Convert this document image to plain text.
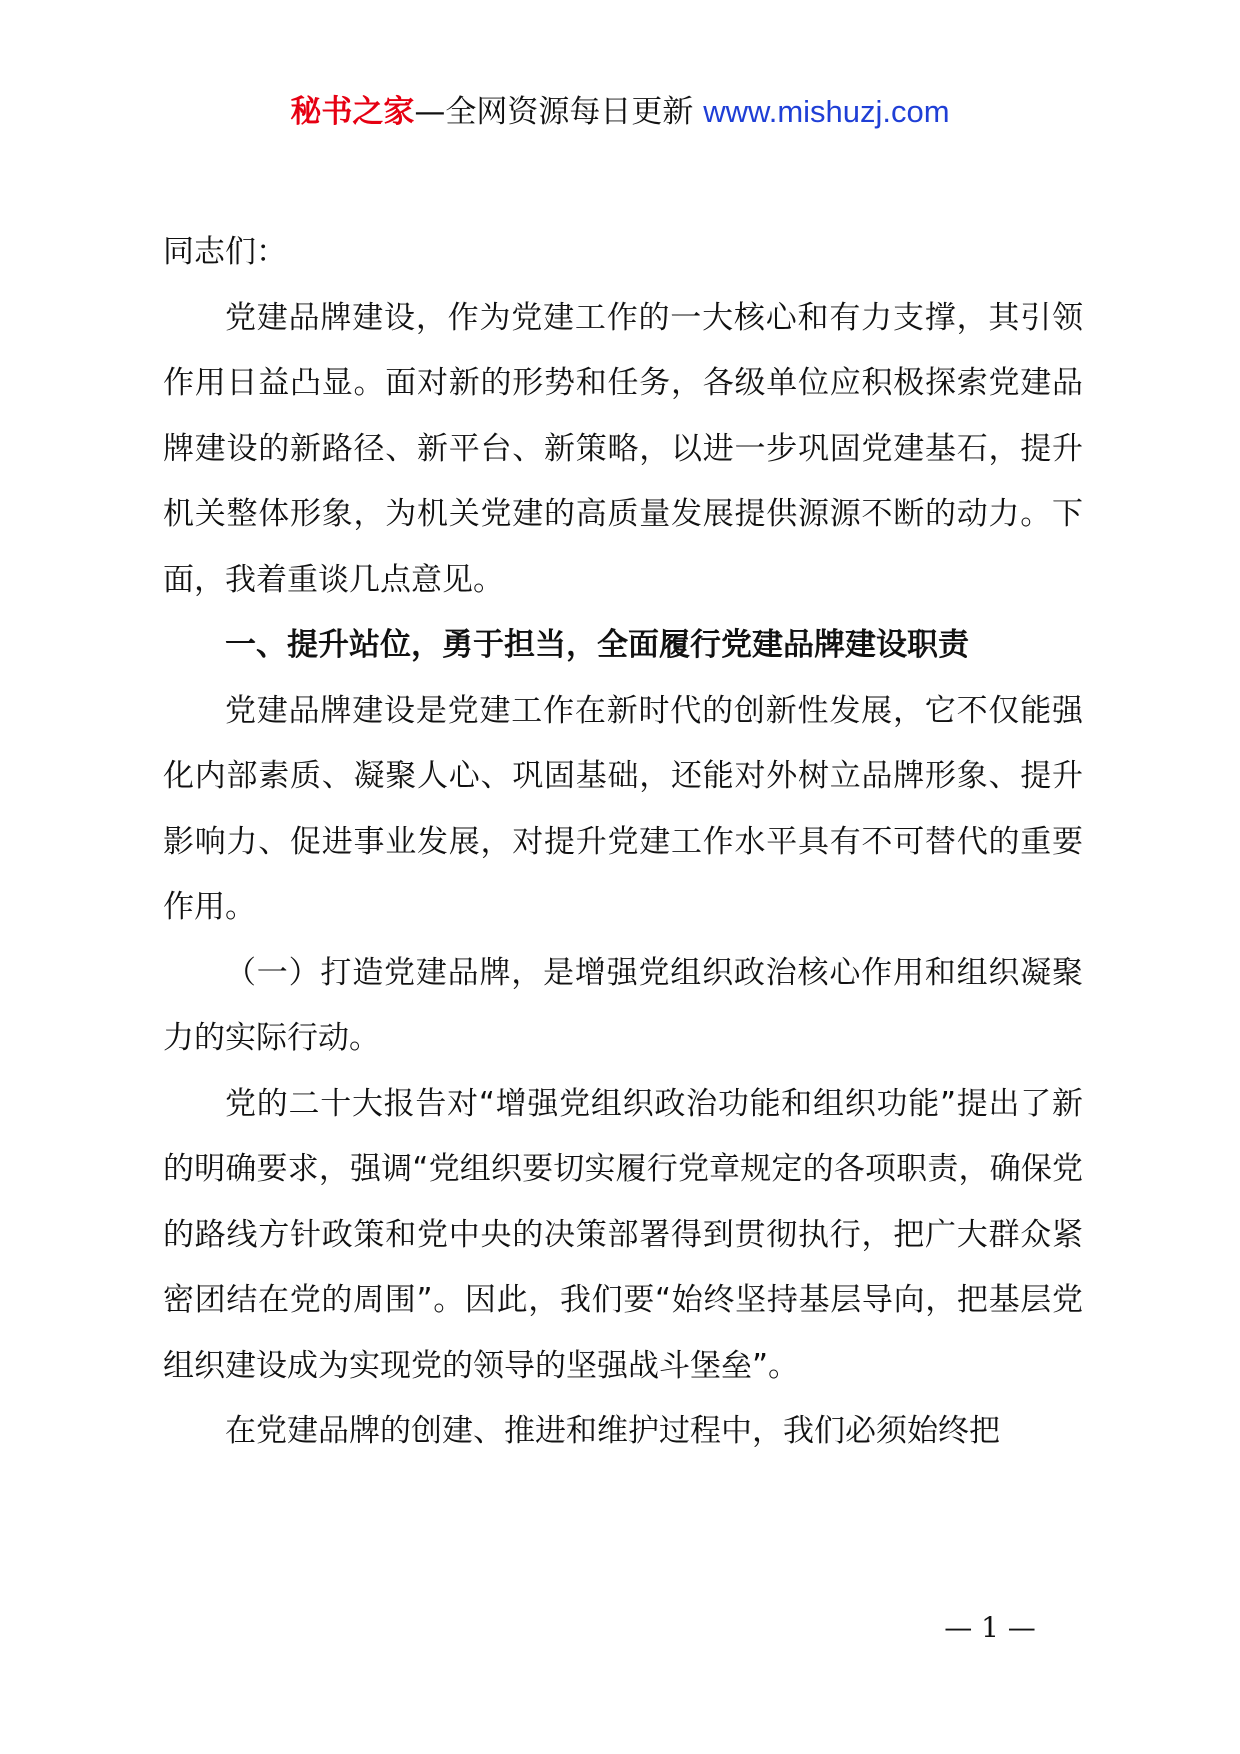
秘书之家—全网资源每日更新 www.mishuzj.com

同志们：

党建品牌建设，作为党建工作的一大核心和有力支撑，其引领作用日益凸显。面对新的形势和任务，各级单位应积极探索党建品牌建设的新路径、新平台、新策略，以进一步巩固党建基石，提升机关整体形象，为机关党建的高质量发展提供源源不断的动力。下面，我着重谈几点意见。

一、提升站位，勇于担当，全面履行党建品牌建设职责

党建品牌建设是党建工作在新时代的创新性发展，它不仅能强化内部素质、凝聚人心、巩固基础，还能对外树立品牌形象、提升影响力、促进事业发展，对提升党建工作水平具有不可替代的重要作用。

（一）打造党建品牌，是增强党组织政治核心作用和组织凝聚力的实际行动。

党的二十大报告对“增强党组织政治功能和组织功能”提出了新的明确要求，强调“党组织要切实履行党章规定的各项职责，确保党的路线方针政策和党中央的决策部署得到贯彻执行，把广大群众紧密团结在党的周围”。因此，我们要“始终坚持基层导向，把基层党组织建设成为实现党的领导的坚强战斗堡垒”。

在党建品牌的创建、推进和维护过程中，我们必须始终把

— 1 —
